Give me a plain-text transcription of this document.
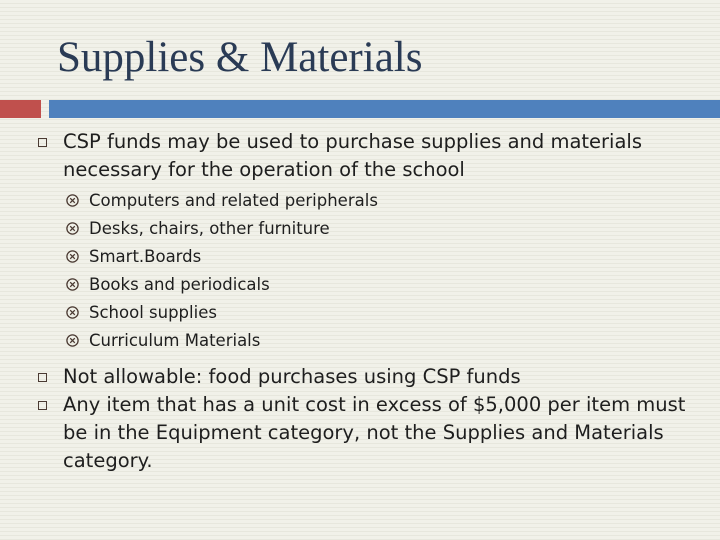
Supplies & Materials
CSP funds may be used to purchase supplies and materials necessary for the operation of the school
Computers and related peripherals
Desks, chairs, other furniture
Smart.Boards
Books and periodicals
School supplies
Curriculum Materials
Not allowable: food purchases using CSP funds
Any item that has a unit cost in excess of $5,000 per item must be in the Equipment category, not the Supplies and Materials category.
